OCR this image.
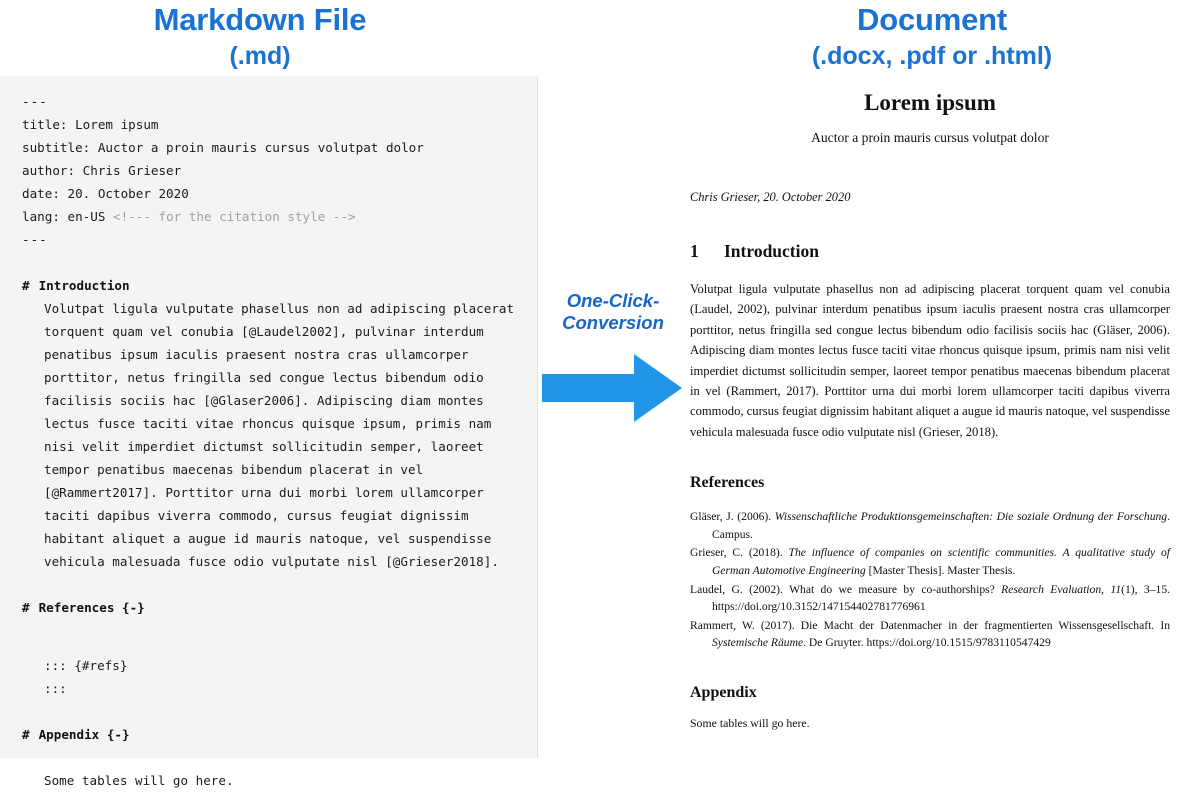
Markdown File
(.md)
Document
(.docx, .pdf or .html)
---
title: Lorem ipsum
subtitle: Auctor a proin mauris cursus volutpat dolor
author: Chris Grieser
date: 20. October 2020
lang: en-US <!--- for the citation style -->
---
# Introduction
Volutpat ligula vulputate phasellus non ad adipiscing placerat torquent quam vel conubia [@Laudel2002], pulvinar interdum penatibus ipsum iaculis praesent nostra cras ullamcorper porttitor, netus fringilla sed congue lectus bibendum odio facilisis sociis hac [@Glaser2006]. Adipiscing diam montes lectus fusce taciti vitae rhoncus quisque ipsum, primis nam nisi velit imperdiet dictumst sollicitudin semper, laoreet tempor penatibus maecenas bibendum placerat in vel [@Rammert2017]. Porttitor urna dui morbi lorem ullamcorper taciti dapibus viverra commodo, cursus feugiat dignissim habitant aliquet a augue id mauris natoque, vel suspendisse vehicula malesuada fusce odio vulputate nisl [@Grieser2018].
# References {-}
::: {#refs}
:::
# Appendix {-}
Some tables will go here.
One-Click-
Conversion
Lorem ipsum
Auctor a proin mauris cursus volutpat dolor
Chris Grieser, 20. October 2020
1 Introduction
Volutpat ligula vulputate phasellus non ad adipiscing placerat torquent quam vel conubia (Laudel, 2002), pulvinar interdum penatibus ipsum iaculis praesent nostra cras ullamcorper porttitor, netus fringilla sed congue lectus bibendum odio facilisis sociis hac (Gläser, 2006). Adipiscing diam montes lectus fusce taciti vitae rhoncus quisque ipsum, primis nam nisi velit imperdiet dictumst sollicitudin semper, laoreet tempor penatibus maecenas bibendum placerat in vel (Rammert, 2017). Porttitor urna dui morbi lorem ullamcorper taciti dapibus viverra commodo, cursus feugiat dignissim habitant aliquet a augue id mauris natoque, vel suspendisse vehicula malesuada fusce odio vulputate nisl (Grieser, 2018).
References
Gläser, J. (2006). Wissenschaftliche Produktionsgemeinschaften: Die soziale Ordnung der Forschung. Campus.
Grieser, C. (2018). The influence of companies on scientific communities. A qualitative study of German Automotive Engineering [Master Thesis]. Master Thesis.
Laudel, G. (2002). What do we measure by co-authorships? Research Evaluation, 11(1), 3–15. https://doi.org/10.3152/147154402781776961
Rammert, W. (2017). Die Macht der Datenmacher in der fragmentierten Wissensgesellschaft. In Systemische Räume. De Gruyter. https://doi.org/10.1515/9783110547429
Appendix
Some tables will go here.
